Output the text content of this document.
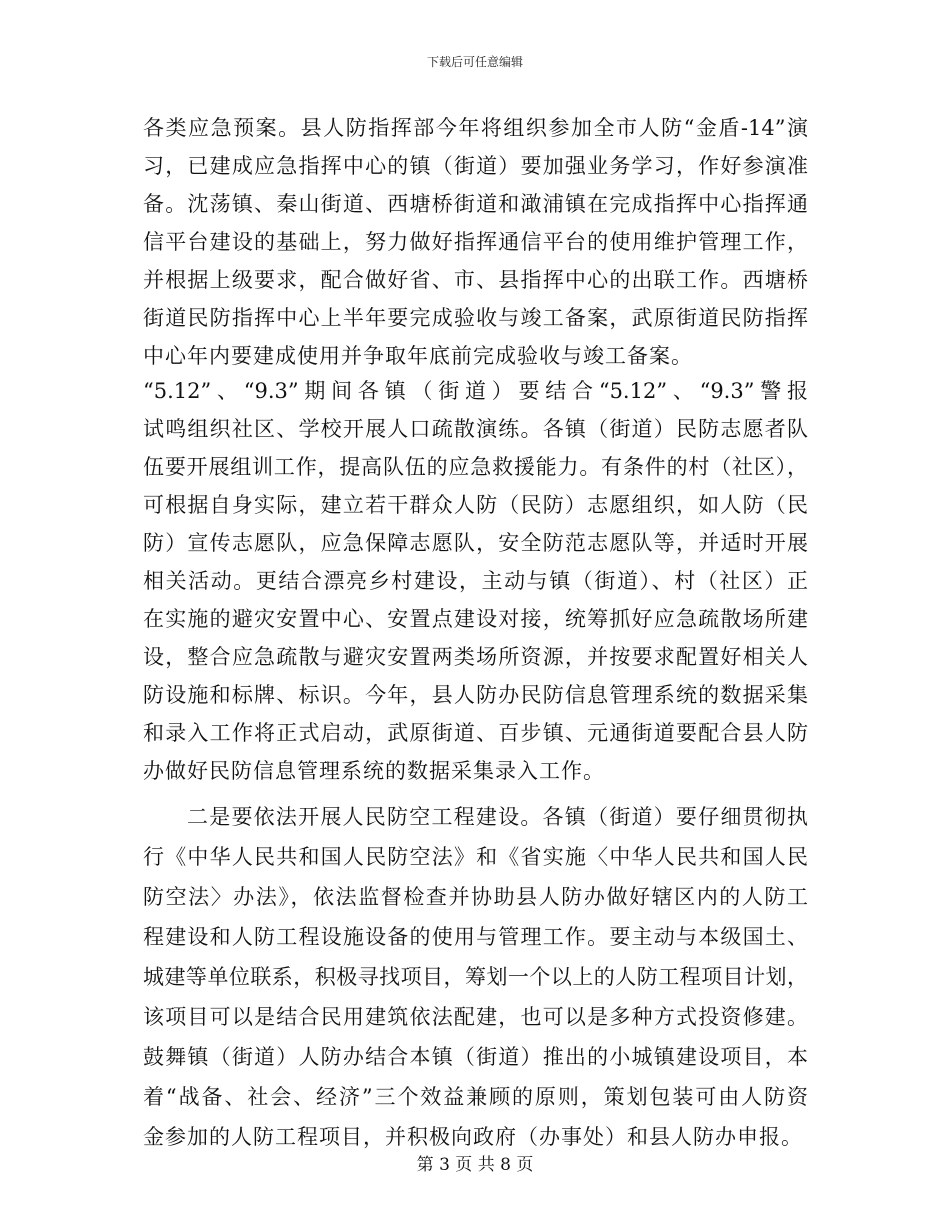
下载后可任意编辑
各类应急预案。县人防指挥部今年将组织参加全市人防“金盾-14”演
习，已建成应急指挥中心的镇（街道）要加强业务学习，作好参演准
备。沈荡镇、秦山街道、西塘桥街道和澉浦镇在完成指挥中心指挥通
信平台建设的基础上，努力做好指挥通信平台的使用维护管理工作，
并根据上级要求，配合做好省、市、县指挥中心的出联工作。西塘桥
街道民防指挥中心上半年要完成验收与竣工备案，武原街道民防指挥
中心年内要建成使用并争取年底前完成验收与竣工备案。
“5.12”、“9.3”期间各镇（街道）要结合“5.12”、“9.3”警报
试鸣组织社区、学校开展人口疏散演练。各镇（街道）民防志愿者队
伍要开展组训工作，提高队伍的应急救援能力。有条件的村（社区），
可根据自身实际，建立若干群众人防（民防）志愿组织，如人防（民
防）宣传志愿队，应急保障志愿队，安全防范志愿队等，并适时开展
相关活动。更结合漂亮乡村建设，主动与镇（街道）、村（社区）正
在实施的避灾安置中心、安置点建设对接，统筹抓好应急疏散场所建
设，整合应急疏散与避灾安置两类场所资源，并按要求配置好相关人
防设施和标牌、标识。今年，县人防办民防信息管理系统的数据采集
和录入工作将正式启动，武原街道、百步镇、元通街道要配合县人防
办做好民防信息管理系统的数据采集录入工作。
二是要依法开展人民防空工程建设。各镇（街道）要仔细贯彻执
行《中华人民共和国人民防空法》和《省实施〈中华人民共和国人民
防空法〉办法》，依法监督检查并协助县人防办做好辖区内的人防工
程建设和人防工程设施设备的使用与管理工作。要主动与本级国土、
城建等单位联系，积极寻找项目，筹划一个以上的人防工程项目计划，
该项目可以是结合民用建筑依法配建，也可以是多种方式投资修建。
鼓舞镇（街道）人防办结合本镇（街道）推出的小城镇建设项目，本
着“战备、社会、经济”三个效益兼顾的原则，策划包装可由人防资
金参加的人防工程项目，并积极向政府（办事处）和县人防办申报。
第 3 页 共 8 页
